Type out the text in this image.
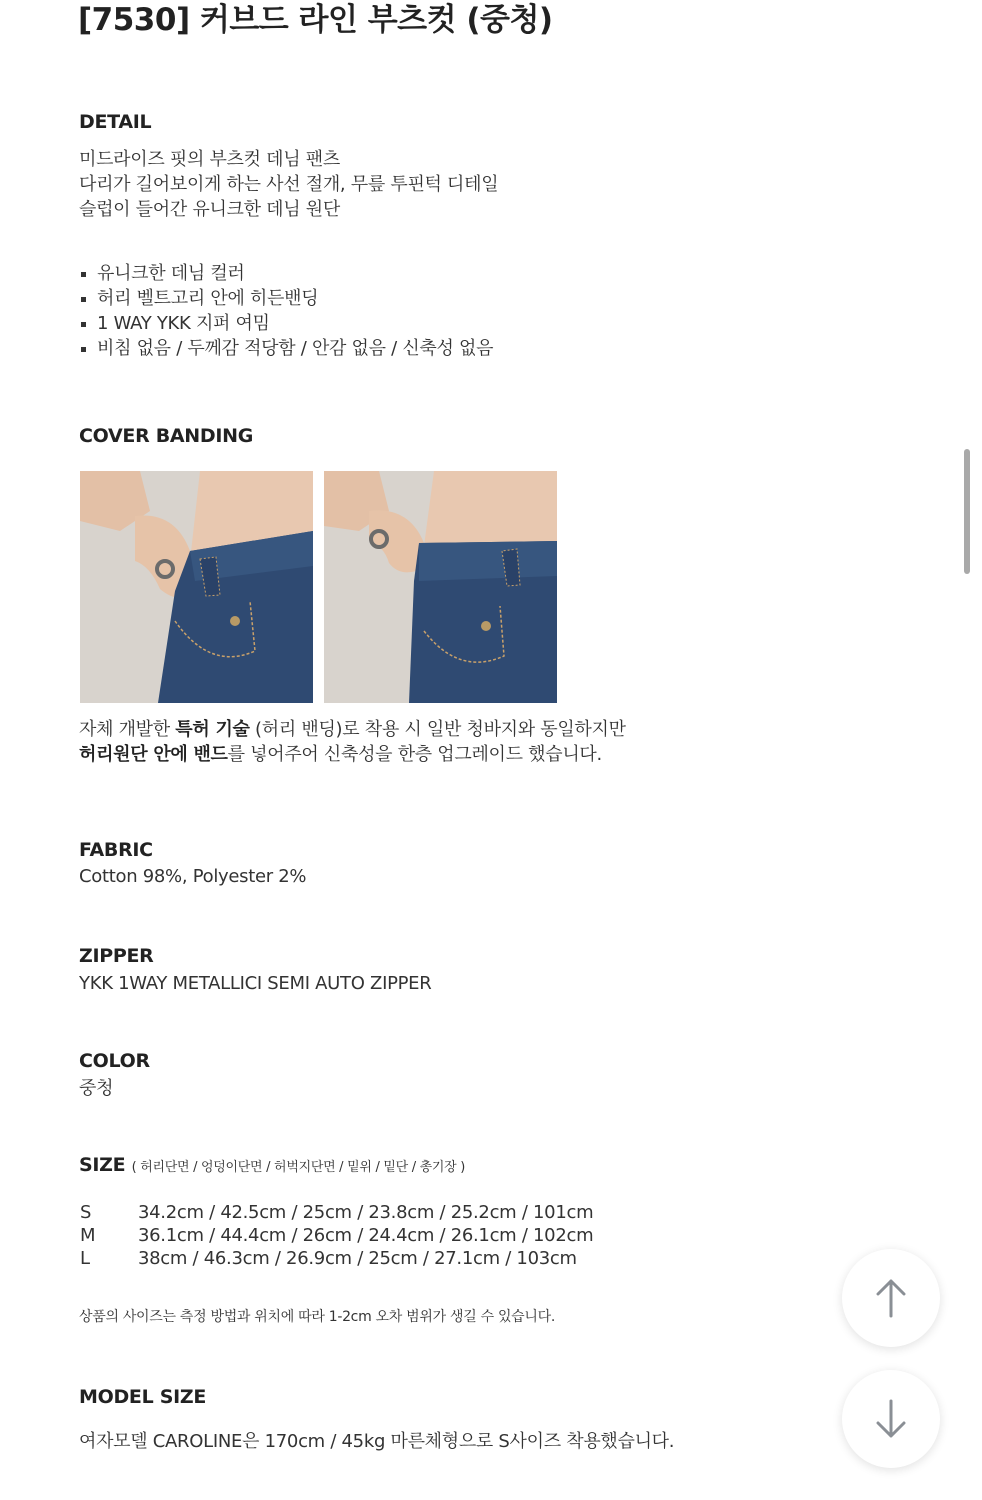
[7530] 커브드 라인 부츠컷 (중청)
DETAIL
미드라이즈 핏의 부츠컷 데님 팬츠
다리가 길어보이게 하는 사선 절개, 무릎 투핀턱 디테일
슬럽이 들어간 유니크한 데님 원단
유니크한 데님 컬러
허리 벨트고리 안에 히든밴딩
1 WAY YKK 지퍼 여밈
비침 없음 / 두께감 적당함 / 안감 없음 / 신축성 없음
COVER BANDING
자체 개발한 특허 기술 (허리 밴딩)로 착용 시 일반 청바지와 동일하지만
허리원단 안에 밴드를 넣어주어 신축성을 한층 업그레이드 했습니다.
FABRIC
Cotton 98%, Polyester 2%
ZIPPER
YKK 1WAY METALLICI SEMI AUTO ZIPPER
COLOR
중청
SIZE ( 허리단면 / 엉덩이단면 / 허벅지단면 / 밑위 / 밑단 / 총기장 )
S	34.2cm / 42.5cm / 25cm / 23.8cm / 25.2cm / 101cm
M 36.1cm / 44.4cm / 26cm / 24.4cm / 26.1cm / 102cm
L	38cm / 46.3cm / 26.9cm / 25cm / 27.1cm / 103cm
상품의 사이즈는 측정 방법과 위치에 따라 1-2cm 오차 범위가 생길 수 있습니다.
MODEL SIZE
여자모델 CAROLINE은 170cm / 45kg 마른체형으로 S사이즈 착용했습니다.
